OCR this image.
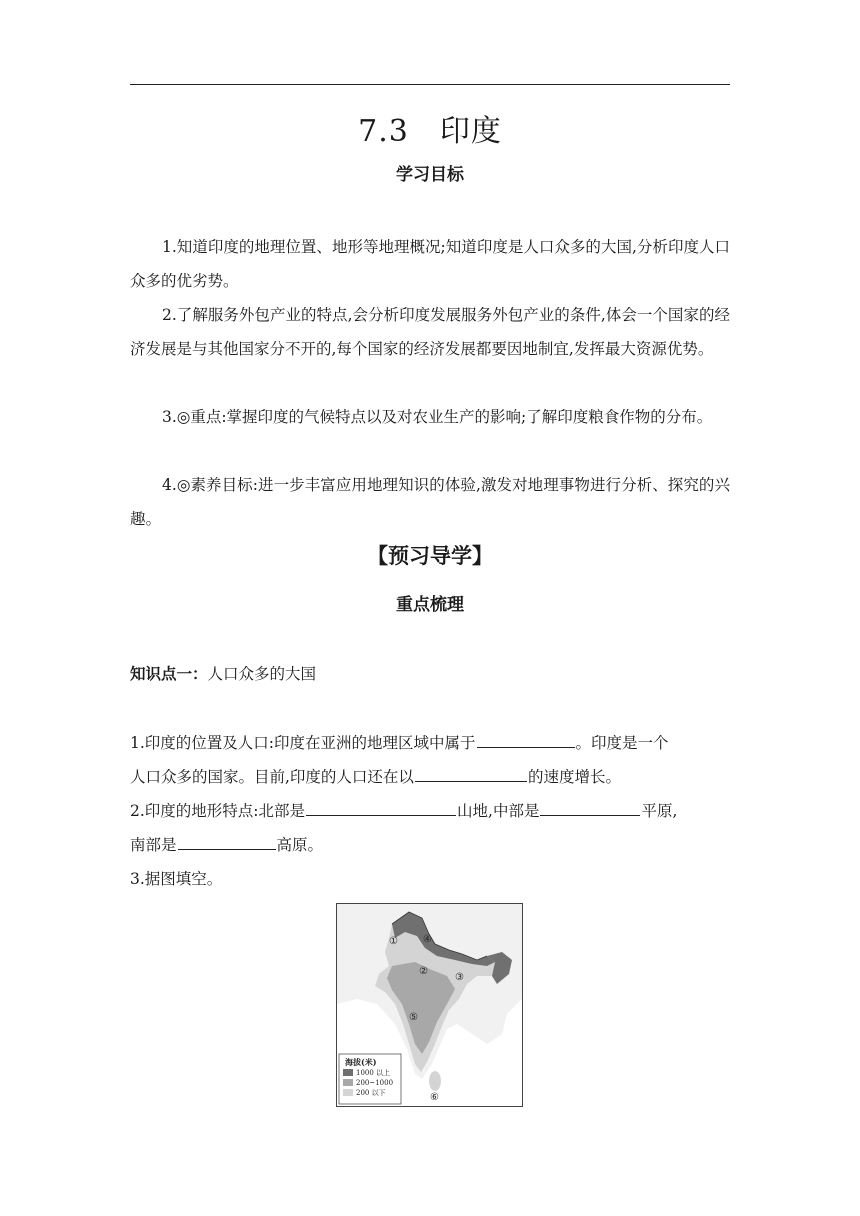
7.3　印度
学习目标
1.知道印度的地理位置、地形等地理概况;知道印度是人口众多的大国,分析印度人口众多的优劣势。
2.了解服务外包产业的特点,会分析印度发展服务外包产业的条件,体会一个国家的经济发展是与其他国家分不开的,每个国家的经济发展都要因地制宜,发挥最大资源优势。
3.◎重点:掌握印度的气候特点以及对农业生产的影响;了解印度粮食作物的分布。
4.◎素养目标:进一步丰富应用地理知识的体验,激发对地理事物进行分析、探究的兴趣。
【预习导学】
重点梳理
知识点一：人口众多的大国
1.印度的位置及人口:印度在亚洲的地理区域中属于	。印度是一个
人口众多的国家。目前,印度的人口还在以	的速度增长。
2.印度的地形特点:北部是	山地,中部是	平原,
南部是	高原。
3.据图填空。
①
②
③
④
⑤
⑥
海拔(米)
1000 以上
200~1000
200 以下
